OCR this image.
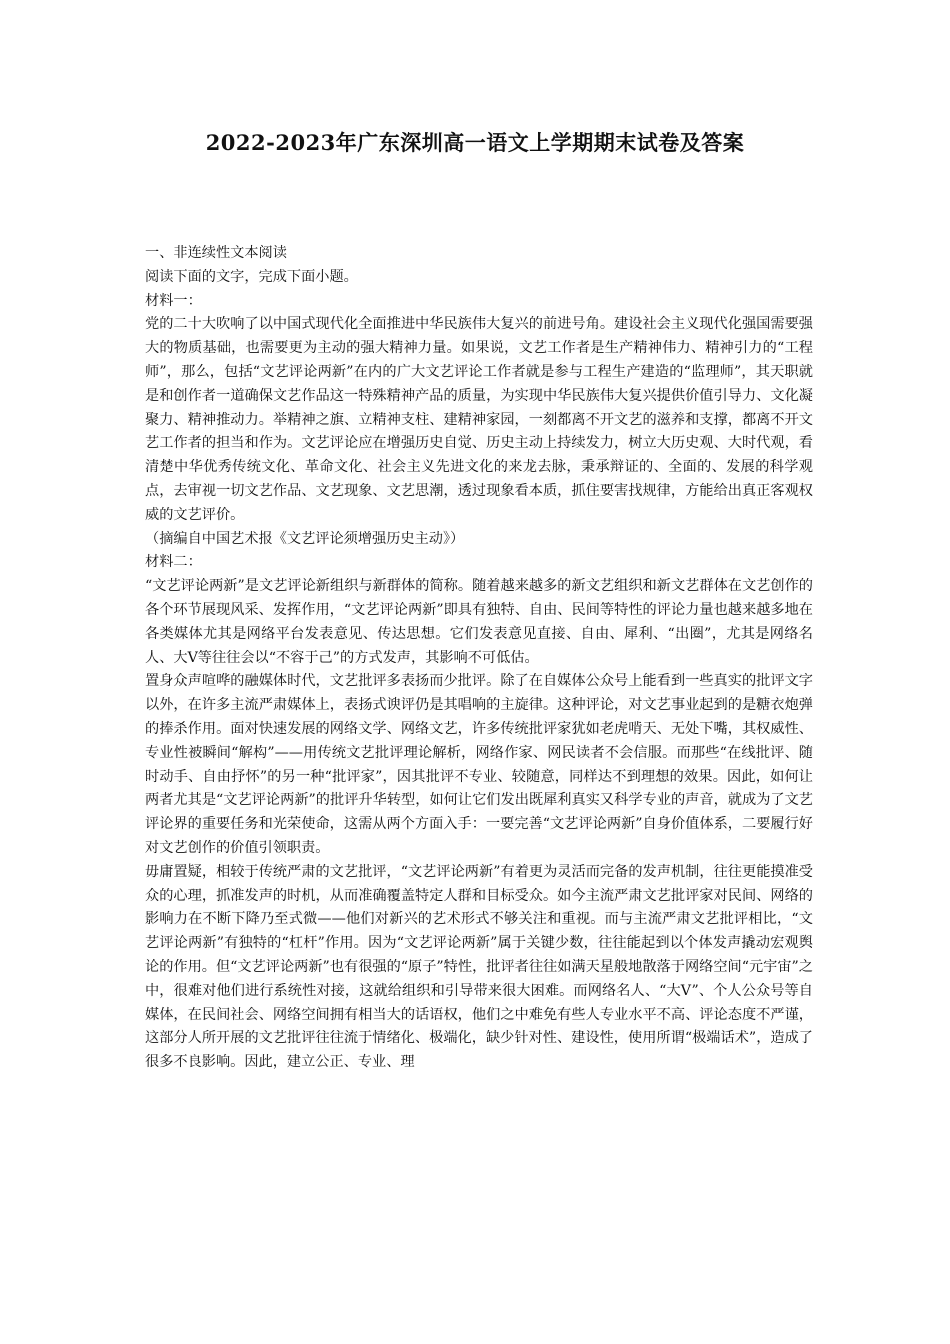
2022-2023年广东深圳高一语文上学期期末试卷及答案

一、非连续性文本阅读

阅读下面的文字，完成下面小题。

材料一：

党的二十大吹响了以中国式现代化全面推进中华民族伟大复兴的前进号角。建设社会主义现代化强国需要强大的物质基础，也需要更为主动的强大精神力量。如果说，文艺工作者是生产精神伟力、精神引力的“工程师”，那么，包括“文艺评论两新”在内的广大文艺评论工作者就是参与工程生产建造的“监理师”，其天职就是和创作者一道确保文艺作品这一特殊精神产品的质量，为实现中华民族伟大复兴提供价值引导力、文化凝聚力、精神推动力。举精神之旗、立精神支柱、建精神家园，一刻都离不开文艺的滋养和支撑，都离不开文艺工作者的担当和作为。文艺评论应在增强历史自觉、历史主动上持续发力，树立大历史观、大时代观，看清楚中华优秀传统文化、革命文化、社会主义先进文化的来龙去脉，秉承辩证的、全面的、发展的科学观点，去审视一切文艺作品、文艺现象、文艺思潮，透过现象看本质，抓住要害找规律，方能给出真正客观权威的文艺评价。

（摘编自中国艺术报《文艺评论须增强历史主动》）

材料二：

“文艺评论两新”是文艺评论新组织与新群体的简称。随着越来越多的新文艺组织和新文艺群体在文艺创作的各个环节展现风采、发挥作用，“文艺评论两新”即具有独特、自由、民间等特性的评论力量也越来越多地在各类媒体尤其是网络平台发表意见、传达思想。它们发表意见直接、自由、犀利、“出圈”，尤其是网络名人、大V等往往会以“不容于己”的方式发声，其影响不可低估。

置身众声喧哗的融媒体时代，文艺批评多表扬而少批评。除了在自媒体公众号上能看到一些真实的批评文字以外，在许多主流严肃媒体上，表扬式谀评仍是其唱响的主旋律。这种评论，对文艺事业起到的是糖衣炮弹的捧杀作用。面对快速发展的网络文学、网络文艺，许多传统批评家犹如老虎啃天、无处下嘴，其权威性、专业性被瞬间“解构”——用传统文艺批评理论解析，网络作家、网民读者不会信服。而那些“在线批评、随时动手、自由抒怀”的另一种“批评家”，因其批评不专业、较随意，同样达不到理想的效果。因此，如何让两者尤其是“文艺评论两新”的批评升华转型，如何让它们发出既犀利真实又科学专业的声音，就成为了文艺评论界的重要任务和光荣使命，这需从两个方面入手：一要完善“文艺评论两新”自身价值体系，二要履行好对文艺创作的价值引领职责。

毋庸置疑，相较于传统严肃的文艺批评，“文艺评论两新”有着更为灵活而完备的发声机制，往往更能摸准受众的心理，抓准发声的时机，从而准确覆盖特定人群和目标受众。如今主流严肃文艺批评家对民间、网络的影响力在不断下降乃至式微——他们对新兴的艺术形式不够关注和重视。而与主流严肃文艺批评相比，“文艺评论两新”有独特的“杠杆”作用。因为“文艺评论两新”属于关键少数，往往能起到以个体发声撬动宏观舆论的作用。但“文艺评论两新”也有很强的“原子”特性，批评者往往如满天星般地散落于网络空间“元宇宙”之中，很难对他们进行系统性对接，这就给组织和引导带来很大困难。而网络名人、“大V”、个人公众号等自媒体，在民间社会、网络空间拥有相当大的话语权，他们之中难免有些人专业水平不高、评论态度不严谨，这部分人所开展的文艺批评往往流于情绪化、极端化，缺少针对性、建设性，使用所谓“极端话术”，造成了很多不良影响。因此，建立公正、专业、理
